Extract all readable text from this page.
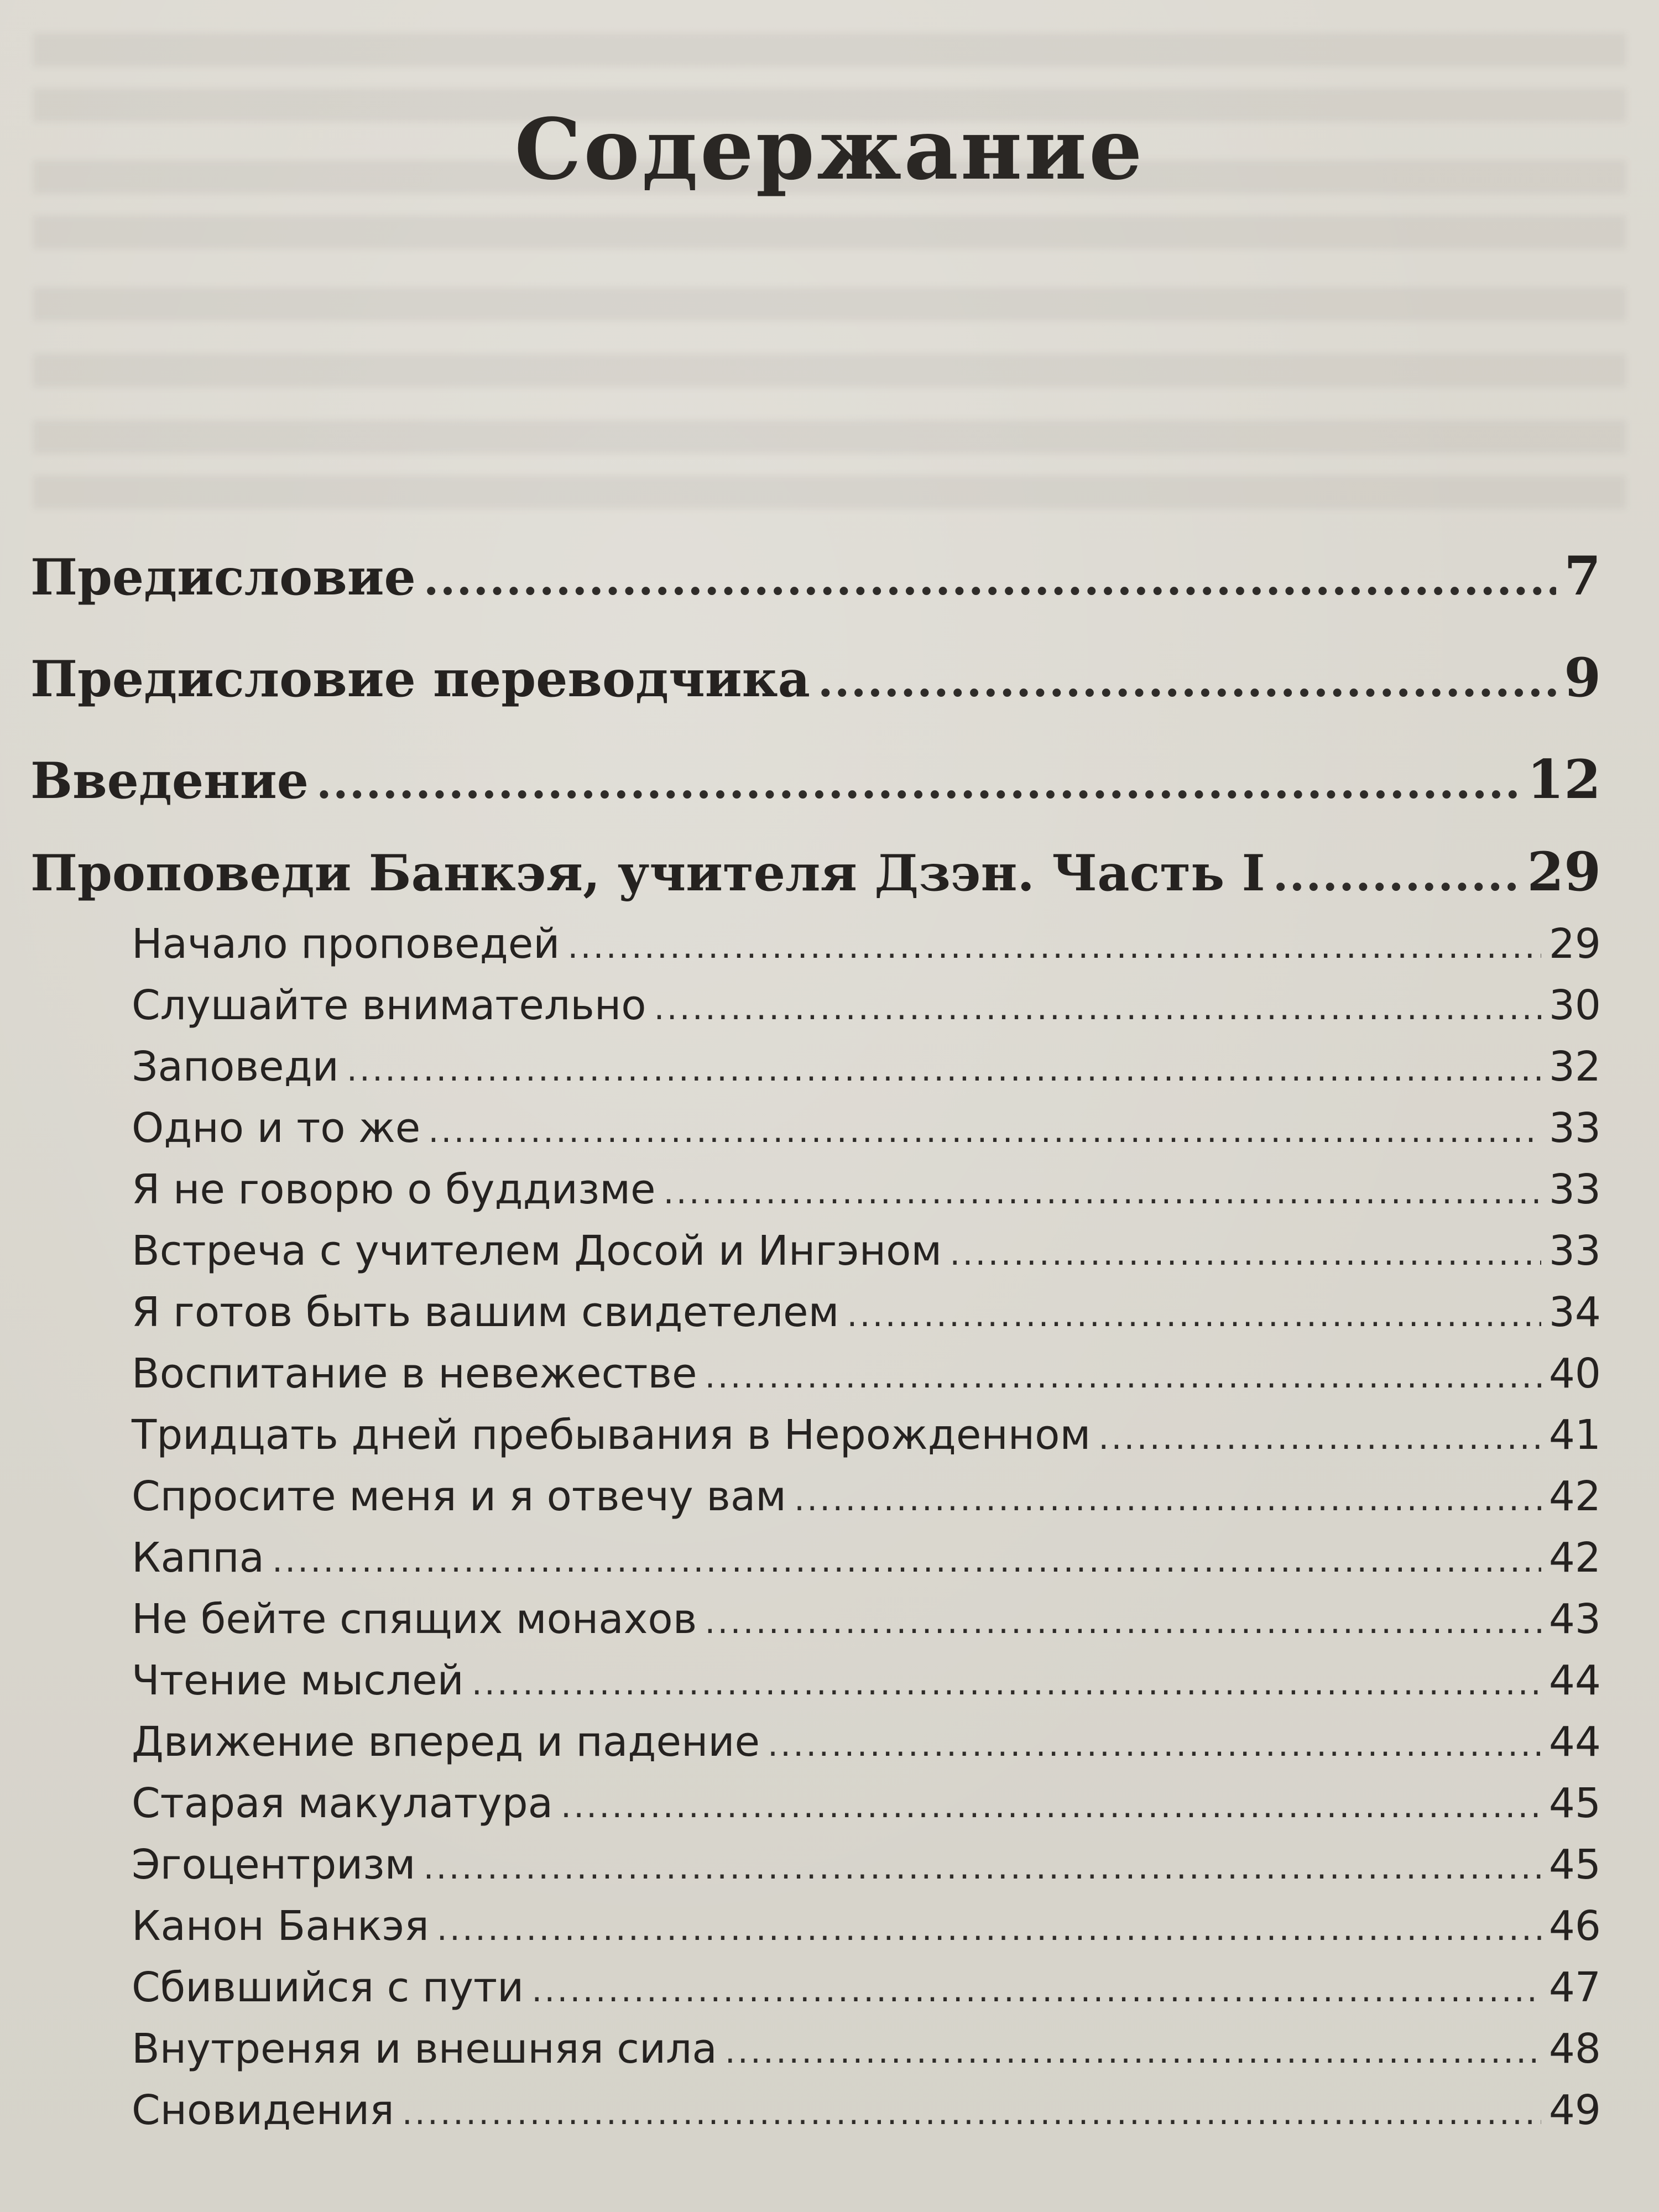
Содержание
Предисловие .....	7
Предисловие переводчика .....	9
Введение .....	12
Проповеди Банкэя, учителя Дзэн. Часть I .....	29
Начало проповедей .....	29
Слушайте внимательно .....	30
Заповеди .....	32
Одно и то же .....	33
Я не говорю о буддизме .....	33
Встреча с учителем Досой и Ингэном .....	33
Я готов быть вашим свидетелем .....	34
Воспитание в невежестве .....	40
Тридцать дней пребывания в Нерожденном .....	41
Спросите меня и я отвечу вам .....	42
Каппа .....	42
Не бейте спящих монахов .....	43
Чтение мыслей .....	44
Движение вперед и падение .....	44
Старая макулатура .....	45
Эгоцентризм .....	45
Канон Банкэя .....	46
Сбившийся с пути .....	47
Внутреняя и внешняя сила .....	48
Сновидения .....	49
